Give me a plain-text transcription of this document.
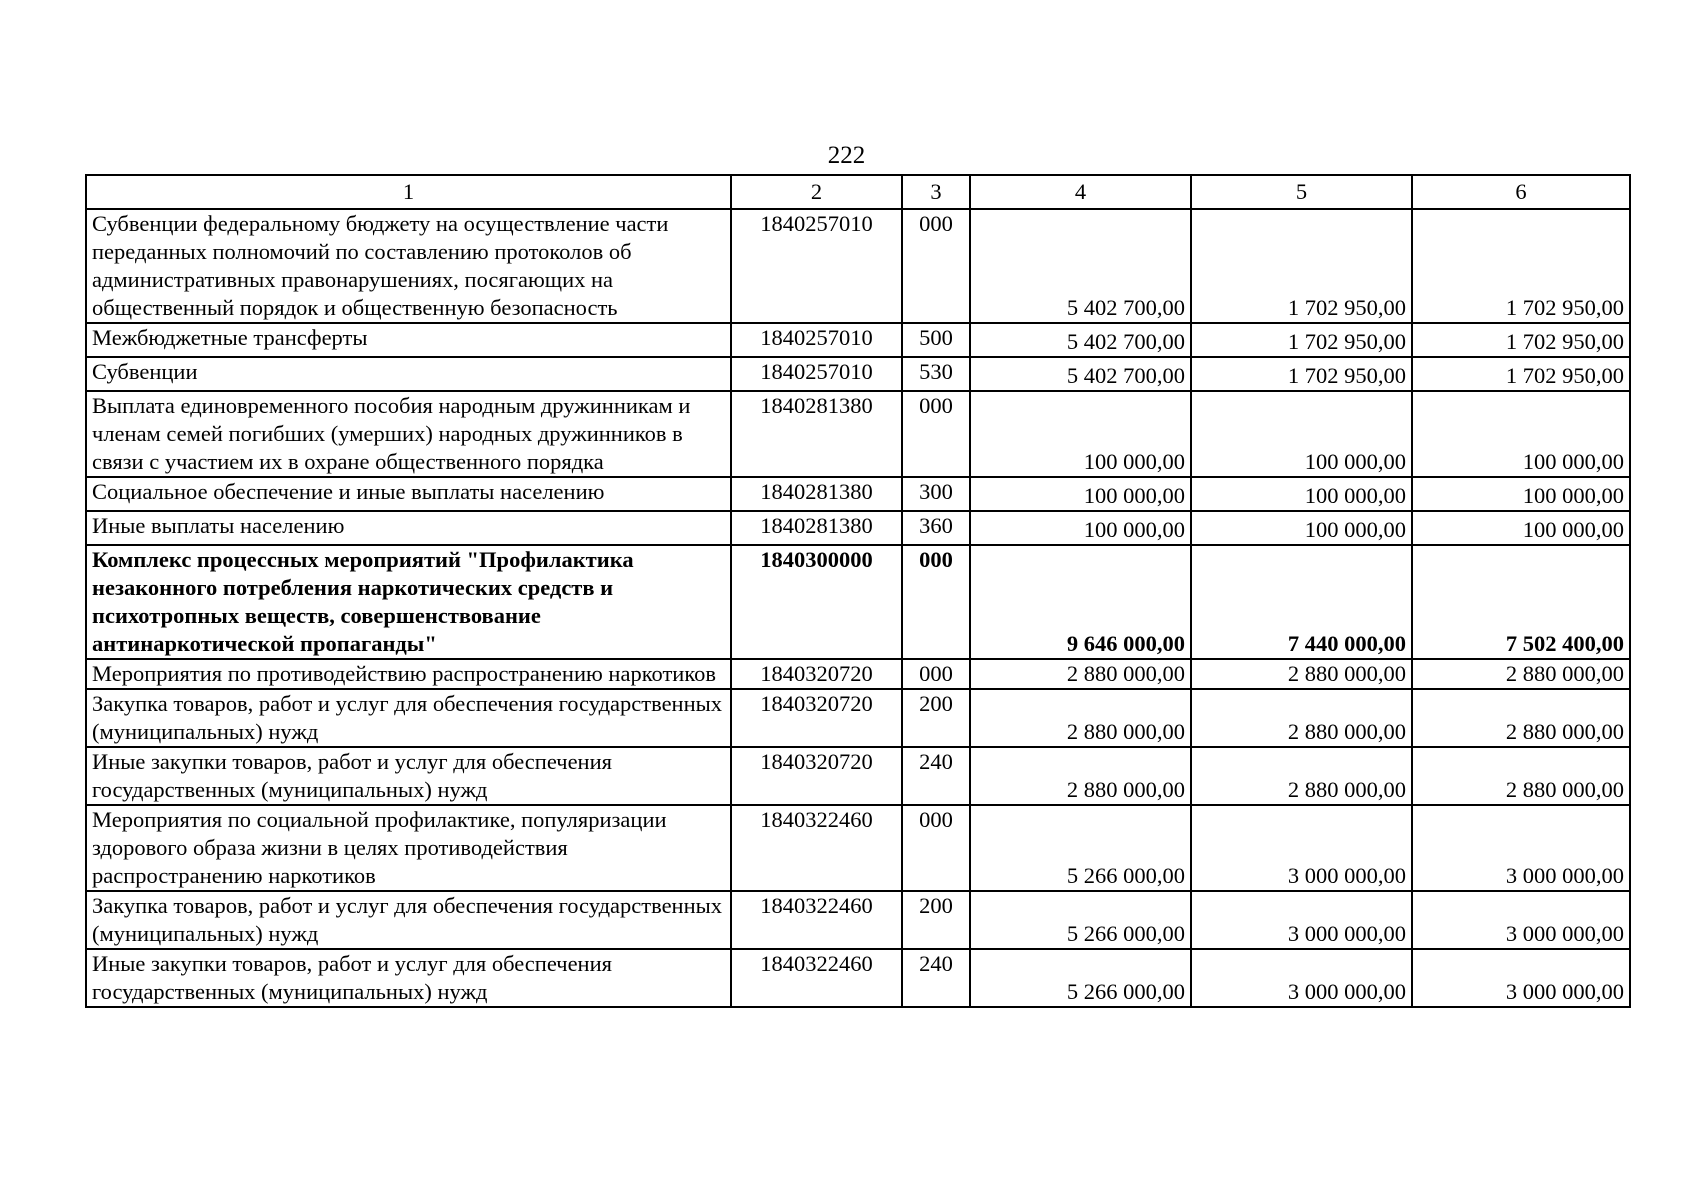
222
1	2	3	4	5	6
Субвенции федеральному бюджету на осуществление части переданных полномочий по составлению протоколов об административных правонарушениях, посягающих на общественный порядок и общественную безопасность	1840257010	000	5 402 700,00	1 702 950,00	1 702 950,00
Межбюджетные трансферты	1840257010	500	5 402 700,00	1 702 950,00	1 702 950,00
Субвенции	1840257010	530	5 402 700,00	1 702 950,00	1 702 950,00
Выплата единовременного пособия народным дружинникам и членам семей погибших (умерших) народных дружинников в связи с участием их в охране общественного порядка	1840281380	000	100 000,00	100 000,00	100 000,00
Социальное обеспечение и иные выплаты населению	1840281380	300	100 000,00	100 000,00	100 000,00
Иные выплаты населению	1840281380	360	100 000,00	100 000,00	100 000,00
Комплекс процессных мероприятий "Профилактика незаконного потребления наркотических средств и психотропных веществ, совершенствование антинаркотической пропаганды"	1840300000	000	9 646 000,00	7 440 000,00	7 502 400,00
Мероприятия по противодействию распространению наркотиков	1840320720	000	2 880 000,00	2 880 000,00	2 880 000,00
Закупка товаров, работ и услуг для обеспечения государственных (муниципальных) нужд	1840320720	200	2 880 000,00	2 880 000,00	2 880 000,00
Иные закупки товаров, работ и услуг для обеспечения государственных (муниципальных) нужд	1840320720	240	2 880 000,00	2 880 000,00	2 880 000,00
Мероприятия по социальной профилактике, популяризации здорового образа жизни в целях противодействия распространению наркотиков	1840322460	000	5 266 000,00	3 000 000,00	3 000 000,00
Закупка товаров, работ и услуг для обеспечения государственных (муниципальных) нужд	1840322460	200	5 266 000,00	3 000 000,00	3 000 000,00
Иные закупки товаров, работ и услуг для обеспечения государственных (муниципальных) нужд	1840322460	240	5 266 000,00	3 000 000,00	3 000 000,00
